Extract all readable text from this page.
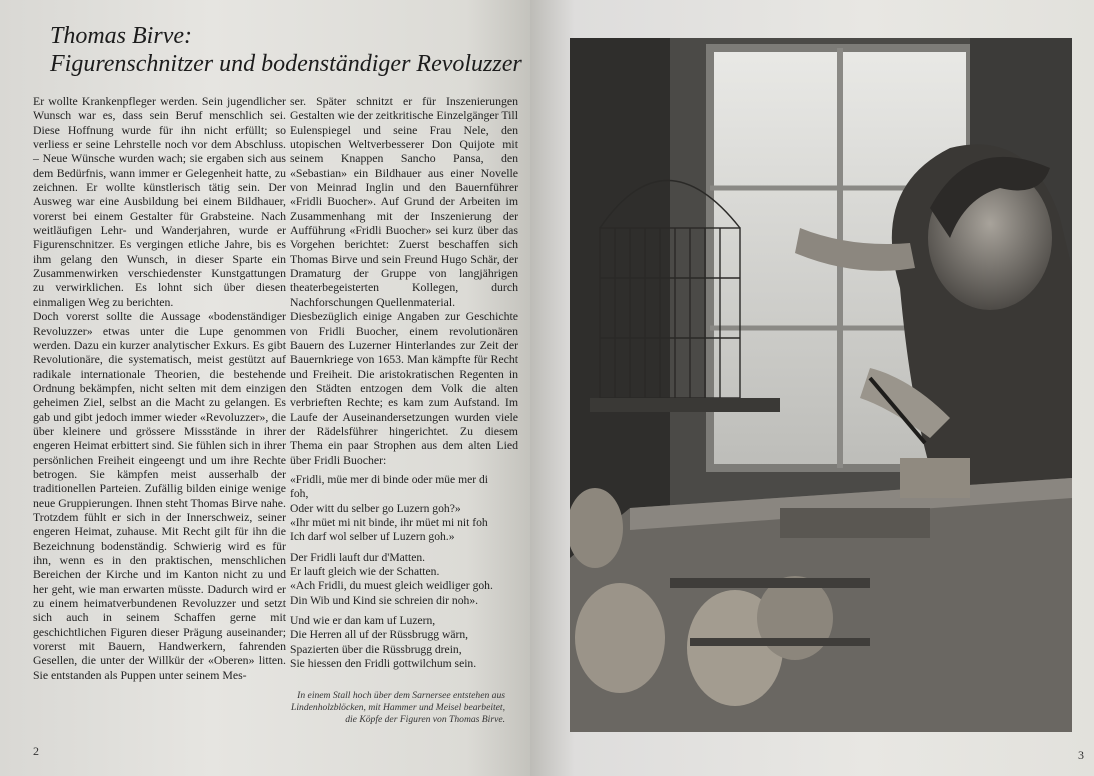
Thomas Birve:
Figurenschnitzer und bodenständiger Revoluzzer

Er wollte Krankenpfleger werden. Sein jugendlicher Wunsch war es, dass sein Beruf menschlich sei. Diese Hoffnung wurde für ihn nicht erfüllt; so verliess er seine Lehrstelle noch vor dem Abschluss. – Neue Wünsche wurden wach; sie ergaben sich aus dem Bedürfnis, wann immer er Gelegenheit hatte, zu zeichnen. Er wollte künstlerisch tätig sein. Der Ausweg war eine Ausbildung bei einem Bildhauer, vorerst bei einem Gestalter für Grabsteine. Nach weitläufigen Lehr- und Wanderjahren, wurde er Figurenschnitzer. Es vergingen etliche Jahre, bis es ihm gelang den Wunsch, in dieser Sparte ein Zusammenwirken verschiedenster Kunstgattungen zu verwirklichen. Es lohnt sich über diesen einmaligen Weg zu berichten.

Doch vorerst sollte die Aussage «bodenständiger Revoluzzer» etwas unter die Lupe genommen werden. Dazu ein kurzer analytischer Exkurs. Es gibt Revolutionäre, die systematisch, meist gestützt auf radikale internationale Theorien, die bestehende Ordnung bekämpfen, nicht selten mit dem einzigen geheimen Ziel, selbst an die Macht zu gelangen. Es gab und gibt jedoch immer wieder «Revoluzzer», die über kleinere und grössere Missstände in ihrer engeren Heimat erbittert sind. Sie fühlen sich in ihrer persönlichen Freiheit eingeengt und um ihre Rechte betrogen. Sie kämpfen meist ausserhalb der traditionellen Parteien. Zufällig bilden einige wenige neue Gruppierungen. Ihnen steht Thomas Birve nahe. Trotzdem fühlt er sich in der Innerschweiz, seiner engeren Heimat, zuhause. Mit Recht gilt für ihn die Bezeichnung bodenständig. Schwierig wird es für ihn, wenn es in den praktischen, menschlichen Bereichen der Kirche und im Kanton nicht zu und her geht, wie man erwarten müsste. Dadurch wird er zu einem heimatverbundenen Revoluzzer und setzt sich auch in seinem Schaffen gerne mit geschichtlichen Figuren dieser Prägung auseinander; vorerst mit Bauern, Handwerkern, fahrenden Gesellen, die unter der Willkür der «Oberen» litten. Sie entstanden als Puppen unter seinem Mes-

ser. Später schnitzt er für Inszenierungen Gestalten wie der zeitkritische Einzelgänger Till Eulenspiegel und seine Frau Nele, den utopischen Weltverbesserer Don Quijote mit seinem Knappen Sancho Pansa, den «Sebastian» ein Bildhauer aus einer Novelle von Meinrad Inglin und den Bauernführer «Fridli Buocher». Auf Grund der Arbeiten im Zusammenhang mit der Inszenierung der Aufführung «Fridli Buocher» sei kurz über das Vorgehen berichtet: Zuerst beschaffen sich Thomas Birve und sein Freund Hugo Schär, der Dramaturg der Gruppe von langjährigen theaterbegeisterten Kollegen, durch Nachforschungen Quellenmaterial.

Diesbezüglich einige Angaben zur Geschichte von Fridli Buocher, einem revolutionären Bauern des Luzerner Hinterlandes zur Zeit der Bauernkriege von 1653. Man kämpfte für Recht und Freiheit. Die aristokratischen Regenten in den Städten entzogen dem Volk die alten verbrieften Rechte; es kam zum Aufstand. Im Laufe der Auseinandersetzungen wurden viele der Rädelsführer hingerichtet. Zu diesem Thema ein paar Strophen aus dem alten Lied über Fridli Buocher:

«Fridli, müe mer di binde oder müe mer di
foh,
Oder witt du selber go Luzern goh?»
«Ihr müet mi nit binde, ihr müet mi nit foh
Ich darf wol selber uf Luzern goh.»
Der Fridli lauft dur d'Matten.
Er lauft gleich wie der Schatten.
«Ach Fridli, du muest gleich weidliger goh.
Din Wib und Kind sie schreien dir noh».
Und wie er dan kam uf Luzern,
Die Herren all uf der Rüssbrugg wärn,
Spazierten über die Rüssbrugg drein,
Sie hiessen den Fridli gottwilchum sein.
In einem Stall hoch über dem Sarnersee entstehen aus Lindenholzblöcken, mit Hammer und Meisel bearbeitet, die Köpfe der Figuren von Thomas Birve.
2	3
